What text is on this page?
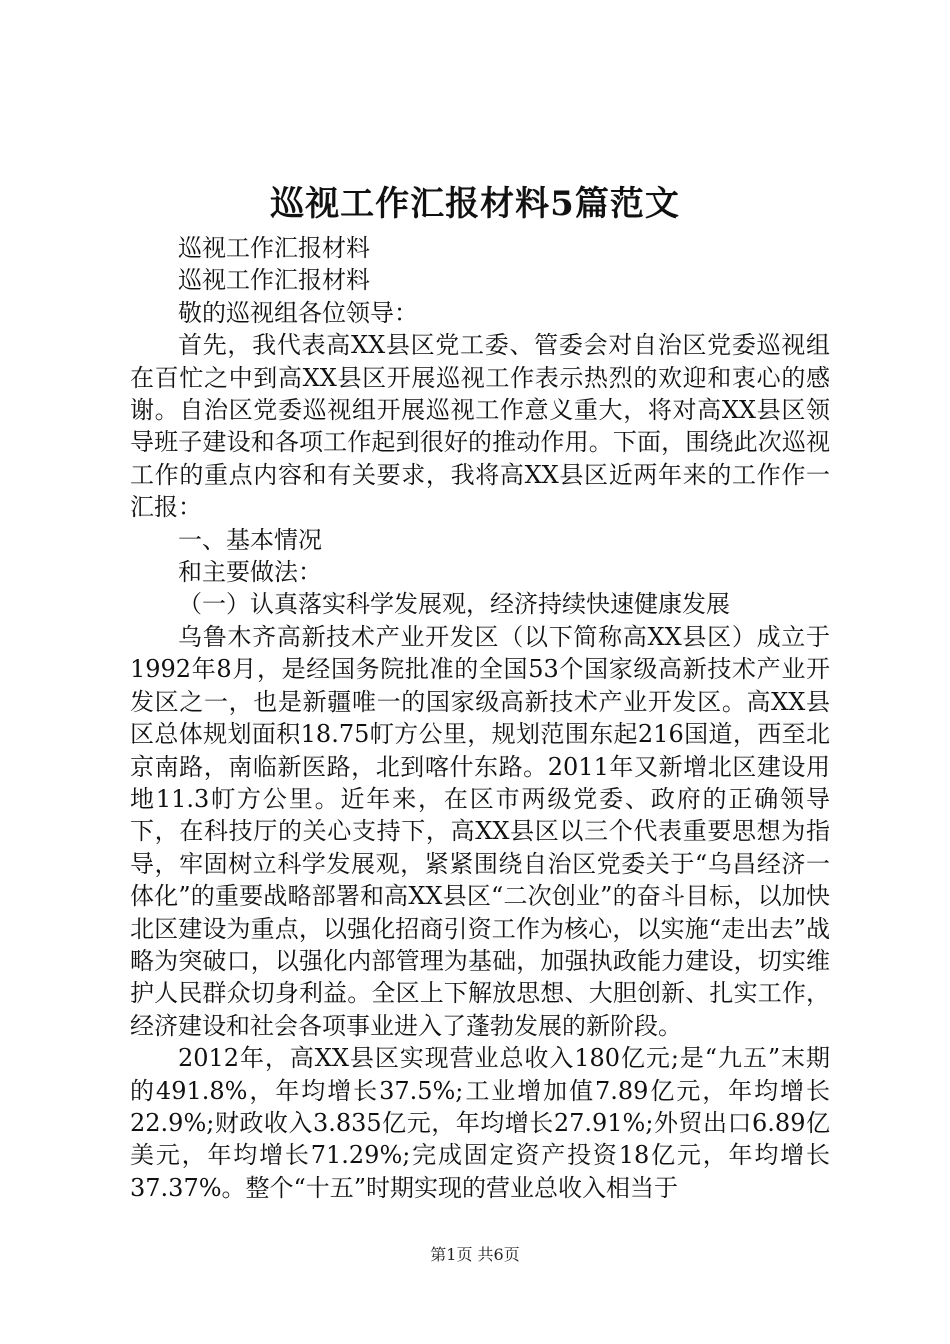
巡视工作汇报材料5篇范文

巡视工作汇报材料

巡视工作汇报材料

敬的巡视组各位领导：

首先，我代表高XX县区党工委、管委会对自治区党委巡视组在百忙之中到高XX县区开展巡视工作表示热烈的欢迎和衷心的感谢。自治区党委巡视组开展巡视工作意义重大，将对高XX县区领导班子建设和各项工作起到很好的推动作用。下面，围绕此次巡视工作的重点内容和有关要求，我将高XX县区近两年来的工作作一汇报：

一、基本情况

和主要做法：

（一）认真落实科学发展观，经济持续快速健康发展

乌鲁木齐高新技术产业开发区（以下简称高XX县区）成立于1992年8月，是经国务院批准的全国53个国家级高新技术产业开发区之一，也是新疆唯一的国家级高新技术产业开发区。高XX县区总体规划面积18.75帄方公里，规划范围东起216国道，西至北京南路，南临新医路，北到喀什东路。2011年又新增北区建设用地11.3帄方公里。近年来，在区市两级党委、政府的正确领导下，在科技厅的关心支持下，高XX县区以三个代表重要思想为指导，牢固树立科学发展观，紧紧围绕自治区党委关于“乌昌经济一体化”的重要战略部署和高XX县区“二次创业”的奋斗目标，以加快北区建设为重点，以强化招商引资工作为核心，以实施“走出去”战略为突破口，以强化内部管理为基础，加强执政能力建设，切实维护人民群众切身利益。全区上下解放思想、大胆创新、扎实工作，经济建设和社会各项事业进入了蓬勃发展的新阶段。

2012年，高XX县区实现营业总收入180亿元;是“九五”末期的491.8%，年均增长37.5%;工业增加值7.89亿元，年均增长22.9%;财政收入3.835亿元，年均增长27.91%;外贸出口6.89亿美元，年均增长71.29%;完成固定资产投资18亿元，年均增长37.37%。整个“十五”时期实现的营业总收入相当于

第1页 共6页
